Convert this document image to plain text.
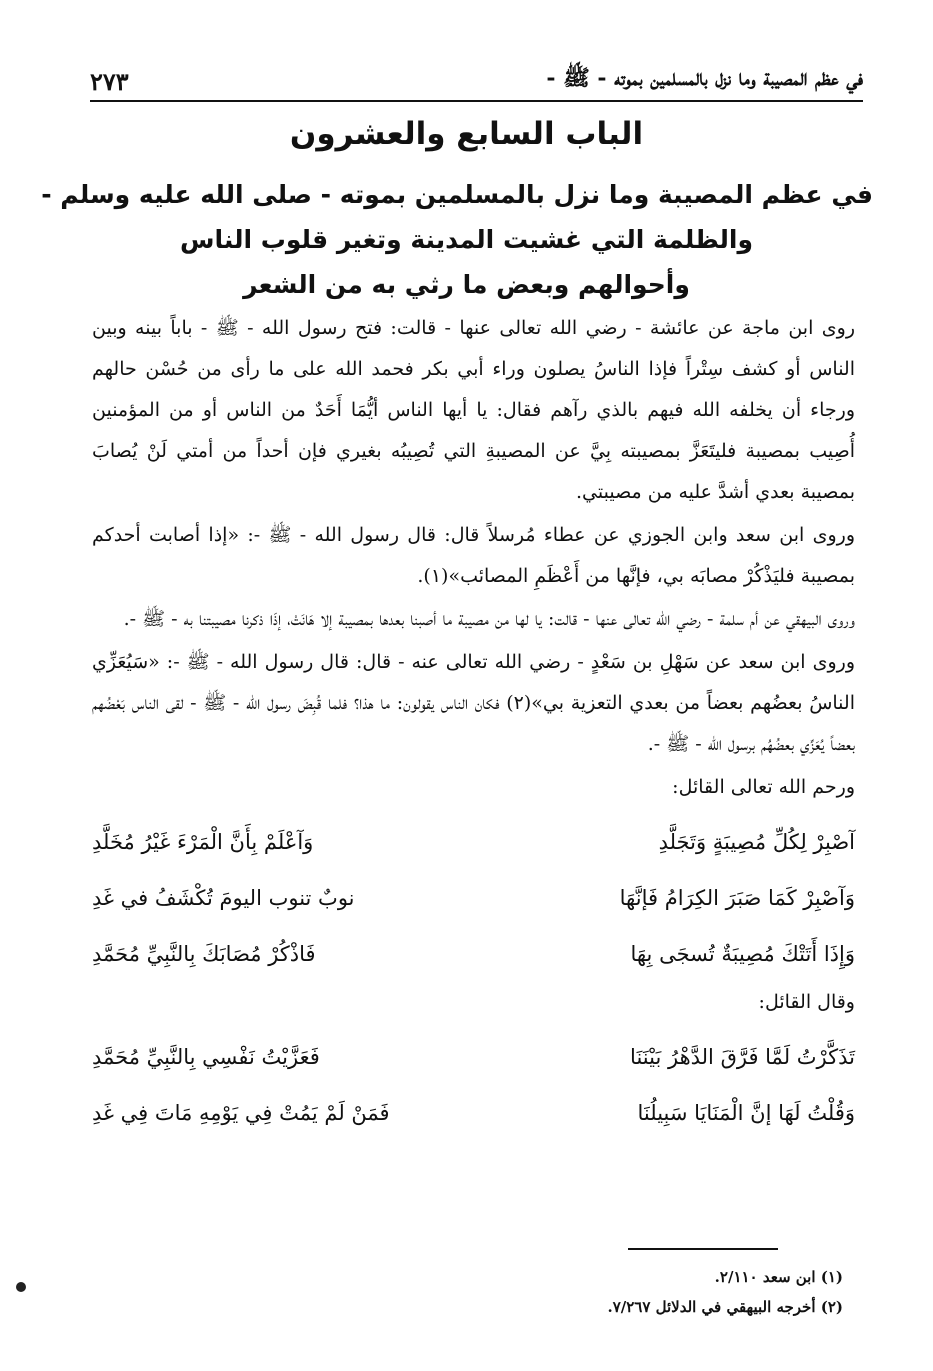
في عظم المصيبة وما نزل بالمسلمين بموته - ﷺ -
٢٧٣
الباب السابع والعشرون
في عظم المصيبة وما نزل بالمسلمين بموته - صلى الله عليه وسلم -
والظلمة التي غشيت المدينة وتغير قلوب الناس
وأحوالهم وبعض ما رثي به من الشعر

روى ابن ماجة عن عائشة - رضي الله تعالى عنها - قالت: فتح رسول الله - ﷺ - باباً بينه وبين الناس أو كشف سِتْراً فإذا الناسُ يصلون وراء أبي بكر فحمد الله على ما رأى من حُسْن حالهم ورجاء أن يخلفه الله فيهم بالذي رآهم فقال: يا أيها الناس أيُّمَا أَحَدٌ من الناس أو من المؤمنين أُصِيب بمصيبة فليتَعَزَّ بمصيبته بِيَّ عن المصيبةِ التي تُصِيبُه بغيري فإن أحداً من أمتي لَنْ يُصابَ بمصيبة بعدي أشدَّ عليه من مصيبتي.

وروى ابن سعد وابن الجوزي عن عطاء مُرسلاً قال: قال رسول الله - ﷺ -: «إذا أصابت أحدكم بمصيبة فليَذْكُرْ مصابَه بي، فإنَّها من أَعْظَمِ المصائب»(١).

وروى البيهقي عن أم سلمة - رضي الله تعالى عنها - قالت: يا لها من مصيبة ما أصبنا بعدها بمصيبة إلا هَانَتْ، إذَا ذكرنا مصيبتنا به - ﷺ -.

وروى ابن سعد عن سَهْلِ بن سَعْدٍ - رضي الله تعالى عنه - قال: قال رسول الله - ﷺ -: «سَيُعَزِّي الناسُ بعضُهم بعضاً من بعدي التعزية بي»(٢) فكان الناس يقولون: ما هذا؟ فلما قُبِضَ رسول الله - ﷺ - لقى الناس بَعْضُهم بعضاً يُعَزِّي بعضُهُم برسول الله - ﷺ -.

ورحم الله تعالى القائل:

آصْبِرْ لِكُلِّ مُصِيبَةٍ وَتَجَلَّدِ
وَآعْلَمْ بِأَنَّ الْمَرْءَ غَيْرُ مُخَلَّدِ
وَآصْبِرْ كَمَا صَبَرَ الكِرَامُ فَإنَّهَا
نوبٌ تنوب اليومَ تُكْشَفُ في غَدِ
وَإِذَا أَتَتْكَ مُصِيبَةٌ تُسجَى بِهَا
فَاذْكُرْ مُصَابَكَ بِالنَّبِيِّ مُحَمَّدِ

وقال القائل:

تَذَكَّرْتُ لَمَّا فَرَّقَ الدَّهْرُ بَيْنَنَا
فَعَزَّيْتُ نَفْسِي بِالنَّبِيِّ مُحَمَّدِ
وَقُلْتُ لَهَا إنَّ الْمَنَايَا سَبِيلُنَا
فَمَنْ لَمْ يَمُتْ فِي يَوْمِهِ مَاتَ فِي غَدِ
(١) ابن سعد ٢/١١٠.
(٢) أخرجه البيهقي في الدلائل ٧/٢٦٧.
